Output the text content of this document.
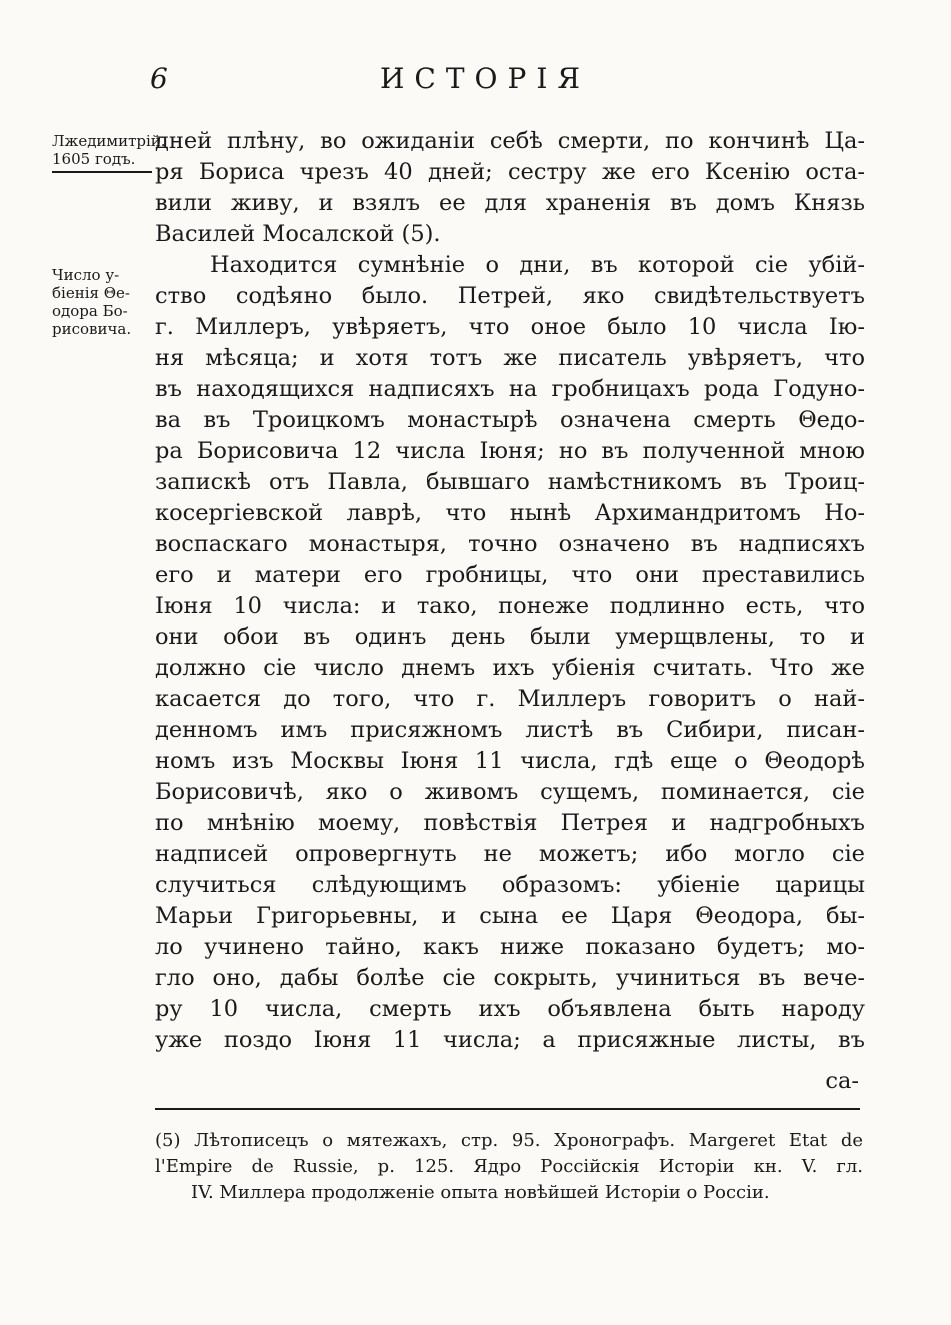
6	ИСТОРІЯ
Лжедимитрій.
1605 годъ.
Число у-
біенія Θе-
одора Бо-
рисовича.
дней плѣну, во ожиданіи себѣ смерти, по кончинѣ Ца-
ря Бориса чрезъ 40 дней; сестру же его Ксенію оста-
вили живу, и взялъ ее для храненія въ домъ Князь
Василей Мосалской (5).
Находится сумнѣніе о дни, въ которой сіе убій-
ство содѣяно было. Петрей, яко свидѣтельствуетъ
г. Миллеръ, увѣряетъ, что оное было 10 числа Ію-
ня мѣсяца; и хотя тотъ же писатель увѣряетъ, что
въ находящихся надписяхъ на гробницахъ рода Годуно-
ва въ Троицкомъ монастырѣ означена смерть Θедо-
ра Борисовича 12 числа Іюня; но въ полученной мною
запискѣ отъ Павла, бывшаго намѣстникомъ въ Троиц-
косергіевской лаврѣ, что нынѣ Архимандритомъ Но-
воспаскаго монастыря, точно означено въ надписяхъ
его и матери его гробницы, что они преставились
Іюня 10 числа: и тако, понеже подлинно есть, что
они обои въ одинъ день были умерщвлены, то и
должно сіе число днемъ ихъ убіенія считать. Что же
касается до того, что г. Миллеръ говоритъ о най-
денномъ имъ присяжномъ листѣ въ Сибири, писан-
номъ изъ Москвы Іюня 11 числа, гдѣ еще о Θеодорѣ
Борисовичѣ, яко о живомъ сущемъ, поминается, сіе
по мнѣнію моему, повѣствія Петрея и надгробныхъ
надписей опровергнуть не можетъ; ибо могло сіе
случиться слѣдующимъ образомъ: убіеніе царицы
Марьи Григорьевны, и сына ее Царя Θеодора, бы-
ло учинено тайно, какъ ниже показано будетъ; мо-
гло оно, дабы болѣе сіе сокрыть, учиниться въ вече-
ру 10 числа, смерть ихъ объявлена быть народу
уже поздо Іюня 11 числа; а присяжные листы, въ
са-
(5) Лѣтописецъ о мятежахъ, стр. 95. Хронографъ. Margeret Etat de
l'Empire de Russie, p. 125. Ядро Россійскія Исторіи кн. V. гл.
IV. Миллера продолженіе опыта новѣйшей Исторіи о Россіи.
